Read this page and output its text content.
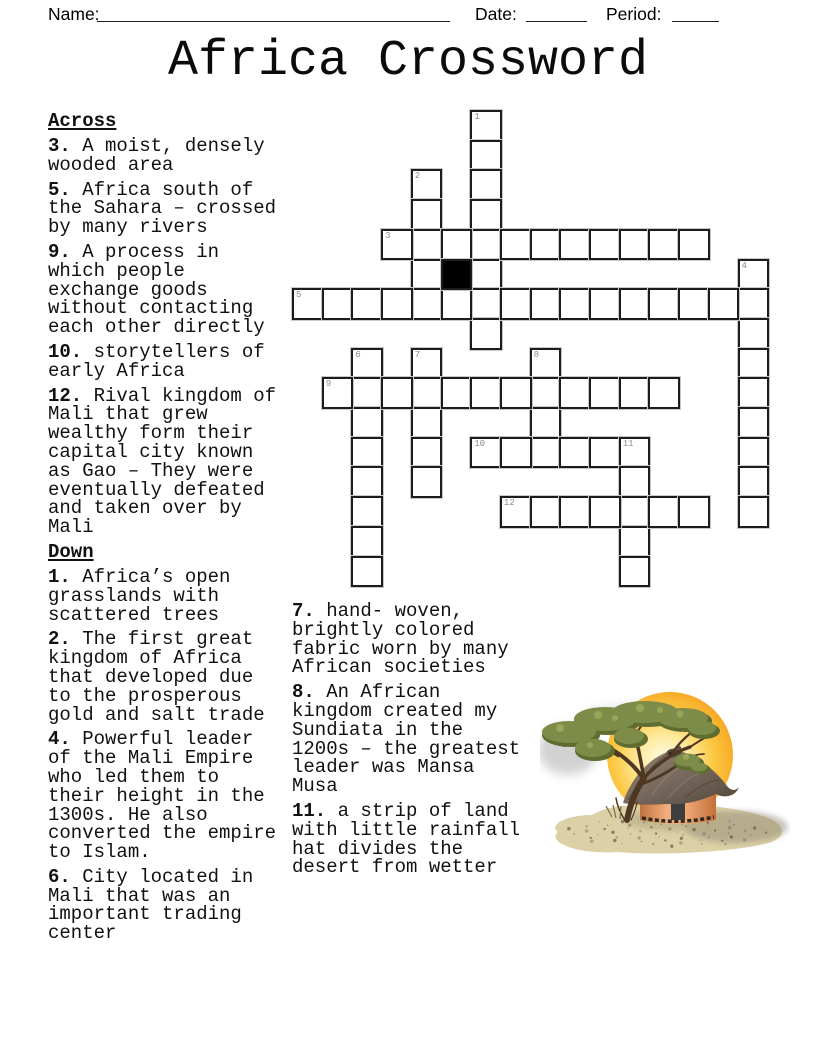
Name:	Date:	Period:
Africa Crossword
1
2
3
4
5
6	7	8
9
10	11
12
Across

3. A moist, densely wooded area

5. Africa south of the Sahara – crossed by many rivers

9. A process in which people exchange goods without contacting each other directly

10. storytellers of early Africa

12. Rival kingdom of Mali that grew wealthy form their capital city known as Gao – They were eventually defeated and taken over by Mali

Down

1. Africa’s open grasslands with scattered trees

2. The first great kingdom of Africa that developed due to the prosperous gold and salt trade

4. Powerful leader of the Mali Empire who led them to their height in the 1300s. He also converted the empire to Islam.

6. City located in Mali that was an important trading center

7. hand- woven, brightly colored fabric worn by many African societies

8. An African kingdom created my Sundiata in the 1200s – the greatest leader was Mansa Musa

11. a strip of land with little rainfall hat divides the desert from wetter
